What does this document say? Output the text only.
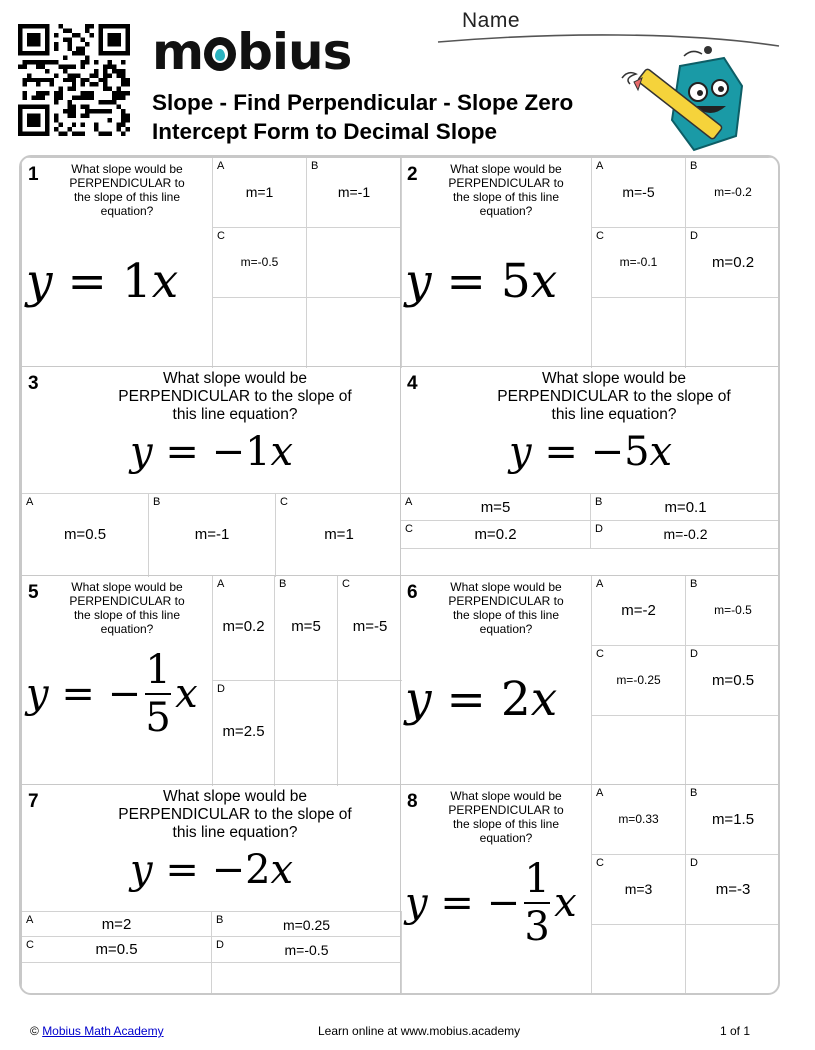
m bius
Slope - Find Perpendicular - Slope Zero Intercept Form to Decimal Slope
Name
1	What slope would be PERPENDICULAR to the slope of this line equation?
y = 1 x
A
m=1
B
m=-1
C
m=-0.5
2	What slope would be PERPENDICULAR to the slope of this line equation?
y = 5 x
A
m=-5
B
m=-0.2
C
m=-0.1
D
m=0.2
3	What slope would be PERPENDICULAR to the slope of this line equation?
y = −1 x
A
m=0.5
B
m=-1
C
m=1
4	What slope would be PERPENDICULAR to the slope of this line equation?
y = −5 x
A	m=5	B	m=0.1
C	m=0.2	D	m=-0.2
5	What slope would be PERPENDICULAR to the slope of this line equation?
y = − $\frac{1}{5}$ x
A
m=0.2
B
m=5
C
m=-5
D
m=2.5
6	What slope would be PERPENDICULAR to the slope of this line equation?
y = 2 x
A
m=-2
B
m=-0.5
C
m=-0.25
D
m=0.5
7	What slope would be PERPENDICULAR to the slope of this line equation?
y = −2 x
A	m=2	B	m=0.25
C	m=0.5	D	m=-0.5
8	What slope would be PERPENDICULAR to the slope of this line equation?
y = − $\frac{1}{3}$ x
A
m=0.33
B
m=1.5
C
m=3
D
m=-3
© Mobius Math Academy	Learn online at www.mobius.academy	1 of 1
